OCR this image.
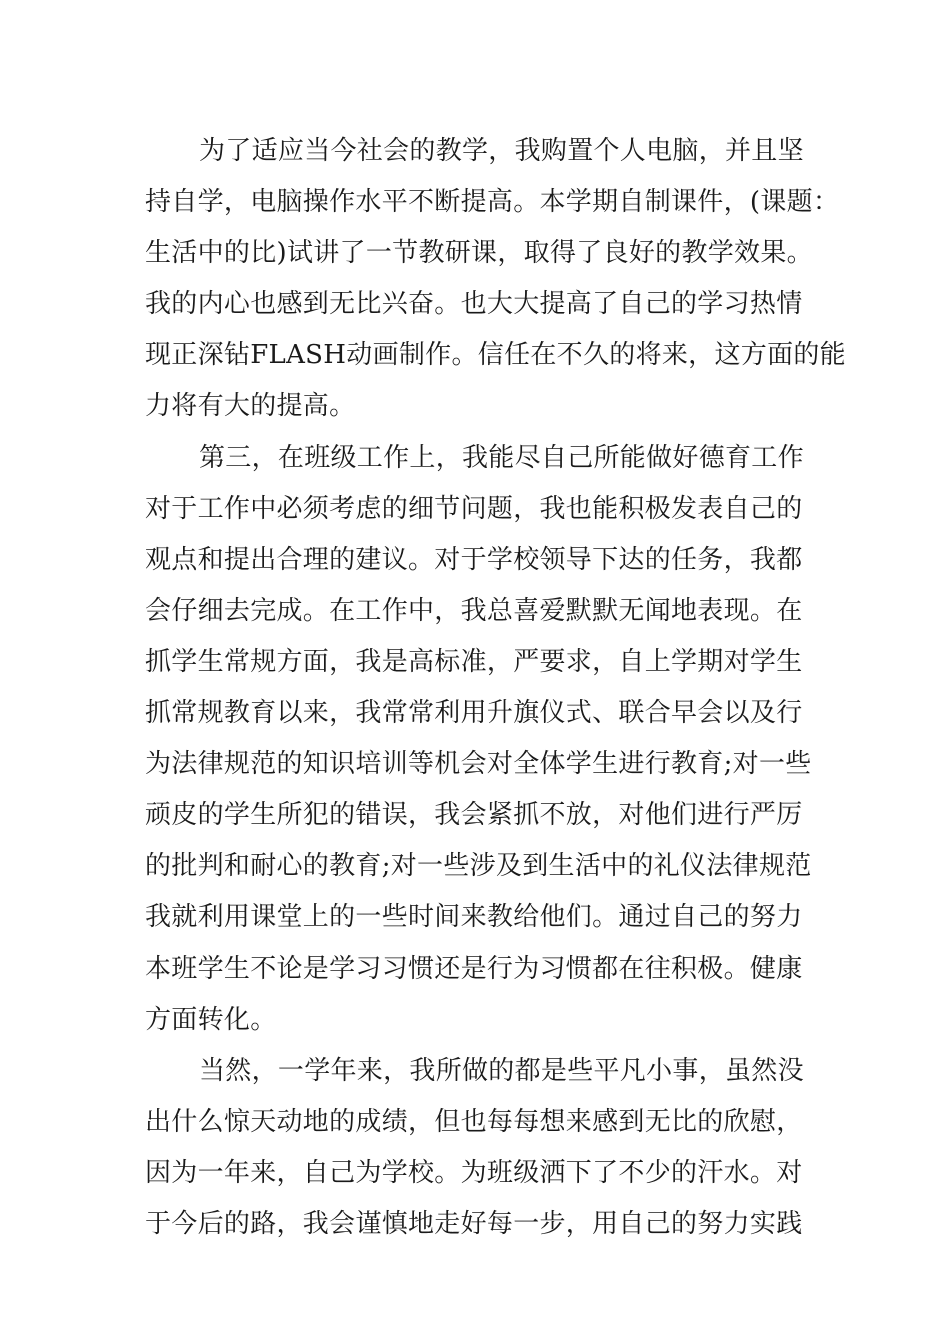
为了适应当今社会的教学，我购置个人电脑，并且坚
持自学，电脑操作水平不断提高。本学期自制课件，(课题：
生活中的比)试讲了一节教研课，取得了良好的教学效果。
我的内心也感到无比兴奋。也大大提高了自己的学习热情
现正深钻FLASH动画制作。信任在不久的将来，这方面的能
力将有大的提高。
第三，在班级工作上，我能尽自己所能做好德育工作
对于工作中必须考虑的细节问题，我也能积极发表自己的
观点和提出合理的建议。对于学校领导下达的任务，我都
会仔细去完成。在工作中，我总喜爱默默无闻地表现。在
抓学生常规方面，我是高标准，严要求，自上学期对学生
抓常规教育以来，我常常利用升旗仪式、联合早会以及行
为法律规范的知识培训等机会对全体学生进行教育;对一些
顽皮的学生所犯的错误，我会紧抓不放，对他们进行严厉
的批判和耐心的教育;对一些涉及到生活中的礼仪法律规范
我就利用课堂上的一些时间来教给他们。通过自己的努力
本班学生不论是学习习惯还是行为习惯都在往积极。健康
方面转化。
当然，一学年来，我所做的都是些平凡小事，虽然没
出什么惊天动地的成绩，但也每每想来感到无比的欣慰，
因为一年来，自己为学校。为班级洒下了不少的汗水。对
于今后的路，我会谨慎地走好每一步，用自己的努力实践
